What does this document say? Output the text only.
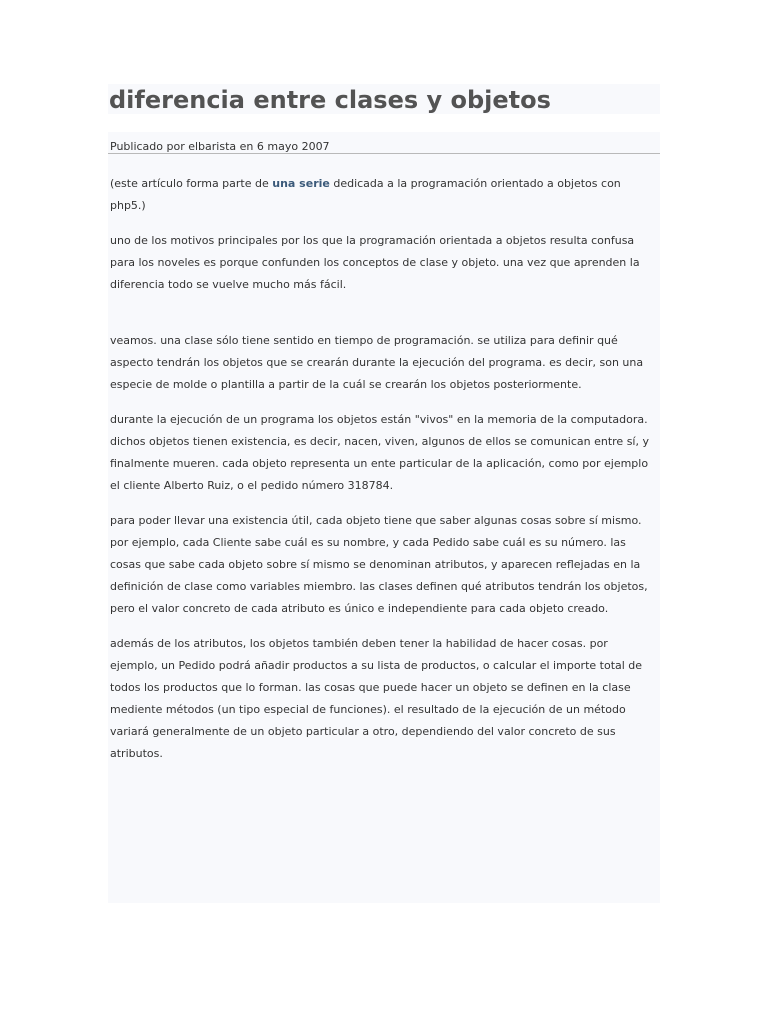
diferencia entre clases y objetos

Publicado por elbarista en 6 mayo 2007

(este artículo forma parte de una serie dedicada a la programación orientado a objetos con

php5.)

uno de los motivos principales por los que la programación orientada a objetos resulta confusa

para los noveles es porque confunden los conceptos de clase y objeto. una vez que aprenden la

diferencia todo se vuelve mucho más fácil.

veamos. una clase sólo tiene sentido en tiempo de programación. se utiliza para definir qué

aspecto tendrán los objetos que se crearán durante la ejecución del programa. es decir, son una

especie de molde o plantilla a partir de la cuál se crearán los objetos posteriormente.

durante la ejecución de un programa los objetos están "vivos" en la memoria de la computadora.

dichos objetos tienen existencia, es decir, nacen, viven, algunos de ellos se comunican entre sí, y

finalmente mueren. cada objeto representa un ente particular de la aplicación, como por ejemplo

el cliente Alberto Ruiz, o el pedido número 318784.

para poder llevar una existencia útil, cada objeto tiene que saber algunas cosas sobre sí mismo.

por ejemplo, cada Cliente sabe cuál es su nombre, y cada Pedido sabe cuál es su número. las

cosas que sabe cada objeto sobre sí mismo se denominan atributos, y aparecen reflejadas en la

definición de clase como variables miembro. las clases definen qué atributos tendrán los objetos,

pero el valor concreto de cada atributo es único e independiente para cada objeto creado.

además de los atributos, los objetos también deben tener la habilidad de hacer cosas. por

ejemplo, un Pedido podrá añadir productos a su lista de productos, o calcular el importe total de

todos los productos que lo forman. las cosas que puede hacer un objeto se definen en la clase

mediente métodos (un tipo especial de funciones). el resultado de la ejecución de un método

variará generalmente de un objeto particular a otro, dependiendo del valor concreto de sus

atributos.
